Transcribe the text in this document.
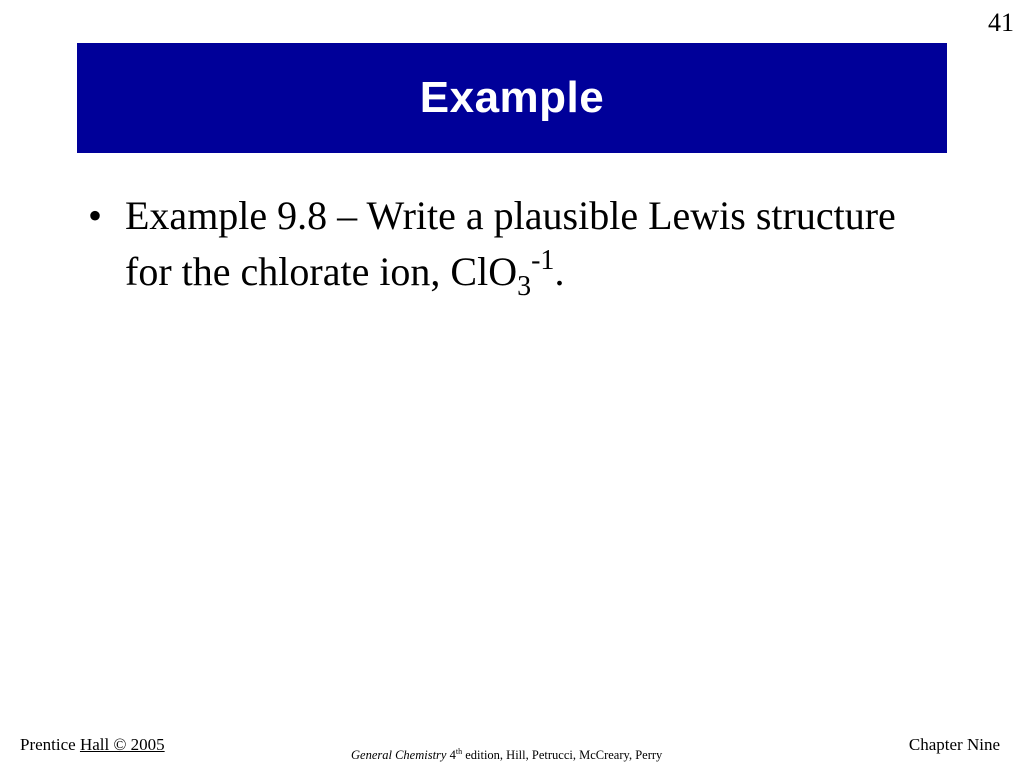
41
Example
• Example 9.8 – Write a plausible Lewis structure for the chlorate ion, ClO$_3^{-1}$.
Prentice Hall © 2005
General Chemistry 4th edition, Hill, Petrucci, McCreary, Perry
Chapter Nine
